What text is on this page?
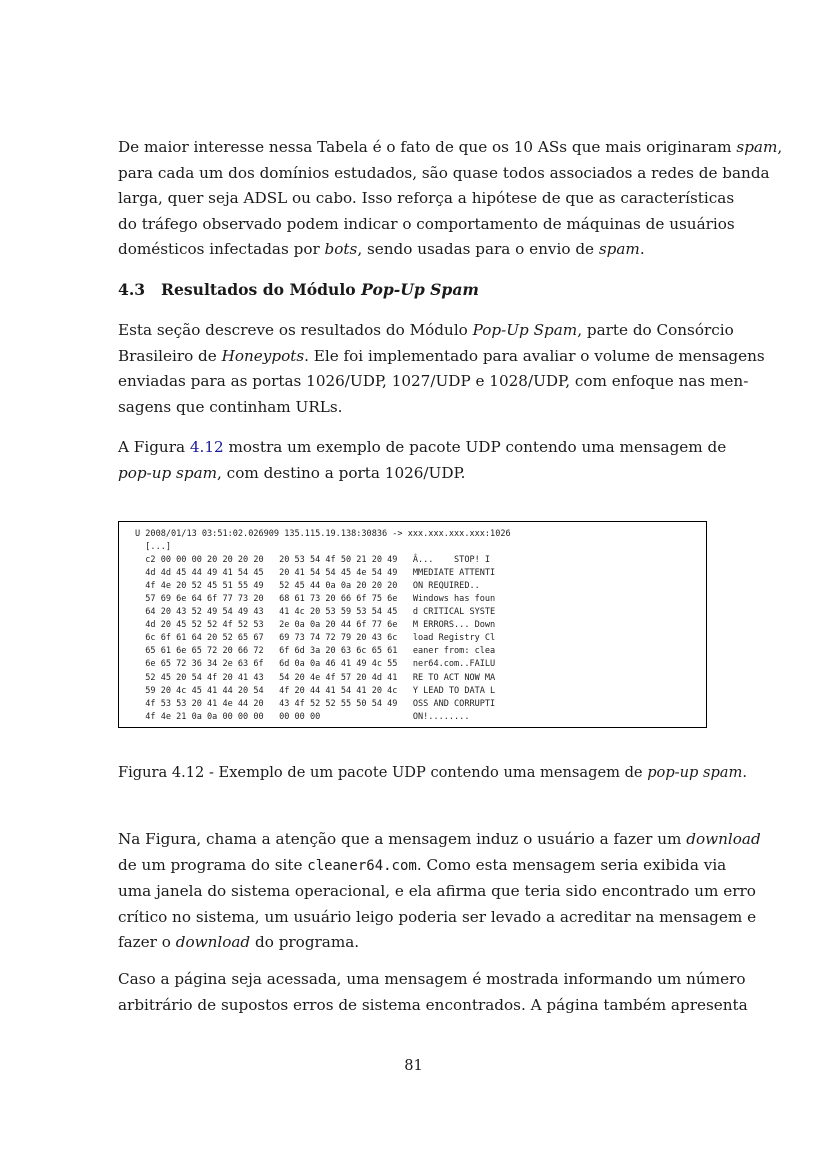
De maior interesse nessa Tabela é o fato de que os 10 ASs que mais originaram spam,
para cada um dos domínios estudados, são quase todos associados a redes de banda
larga, quer seja ADSL ou cabo. Isso reforça a hipótese de que as características
do tráfego observado podem indicar o comportamento de máquinas de usuários
domésticos infectadas por bots, sendo usadas para o envio de spam.
4.3 Resultados do Módulo Pop-Up Spam
Esta seção descreve os resultados do Módulo Pop-Up Spam, parte do Consórcio
Brasileiro de Honeypots. Ele foi implementado para avaliar o volume de mensagens
enviadas para as portas 1026/UDP, 1027/UDP e 1028/UDP, com enfoque nas men-
sagens que continham URLs.
A Figura 4.12 mostra um exemplo de pacote UDP contendo uma mensagem de
pop-up spam, com destino a porta 1026/UDP.
U 2008/01/13 03:51:02.026909 135.115.19.138:30836 -> xxx.xxx.xxx.xxx:1026
[...]
c2 00 00 00 20 20 20 20   20 53 54 4f 50 21 20 49   Â...    STOP! I
4d 4d 45 44 49 41 54 45   20 41 54 54 45 4e 54 49   MMEDIATE ATTENTI
4f 4e 20 52 45 51 55 49   52 45 44 0a 0a 20 20 20   ON REQUIRED..
57 69 6e 64 6f 77 73 20   68 61 73 20 66 6f 75 6e   Windows has foun
64 20 43 52 49 54 49 43   41 4c 20 53 59 53 54 45   d CRITICAL SYSTE
4d 20 45 52 52 4f 52 53   2e 0a 0a 20 44 6f 77 6e   M ERRORS... Down
6c 6f 61 64 20 52 65 67   69 73 74 72 79 20 43 6c   load Registry Cl
65 61 6e 65 72 20 66 72   6f 6d 3a 20 63 6c 65 61   eaner from: clea
6e 65 72 36 34 2e 63 6f   6d 0a 0a 46 41 49 4c 55   ner64.com..FAILU
52 45 20 54 4f 20 41 43   54 20 4e 4f 57 20 4d 41   RE TO ACT NOW MA
59 20 4c 45 41 44 20 54   4f 20 44 41 54 41 20 4c   Y LEAD TO DATA L
4f 53 53 20 41 4e 44 20   43 4f 52 52 55 50 54 49   OSS AND CORRUPTI
4f 4e 21 0a 0a 00 00 00   00 00 00                  ON!........

Figura 4.12 - Exemplo de um pacote UDP contendo uma mensagem de pop-up spam.

Na Figura, chama a atenção que a mensagem induz o usuário a fazer um download
de um programa do site cleaner64.com. Como esta mensagem seria exibida via
uma janela do sistema operacional, e ela afirma que teria sido encontrado um erro
crítico no sistema, um usuário leigo poderia ser levado a acreditar na mensagem e
fazer o download do programa.
Caso a página seja acessada, uma mensagem é mostrada informando um número
arbitrário de supostos erros de sistema encontrados. A página também apresenta

81
